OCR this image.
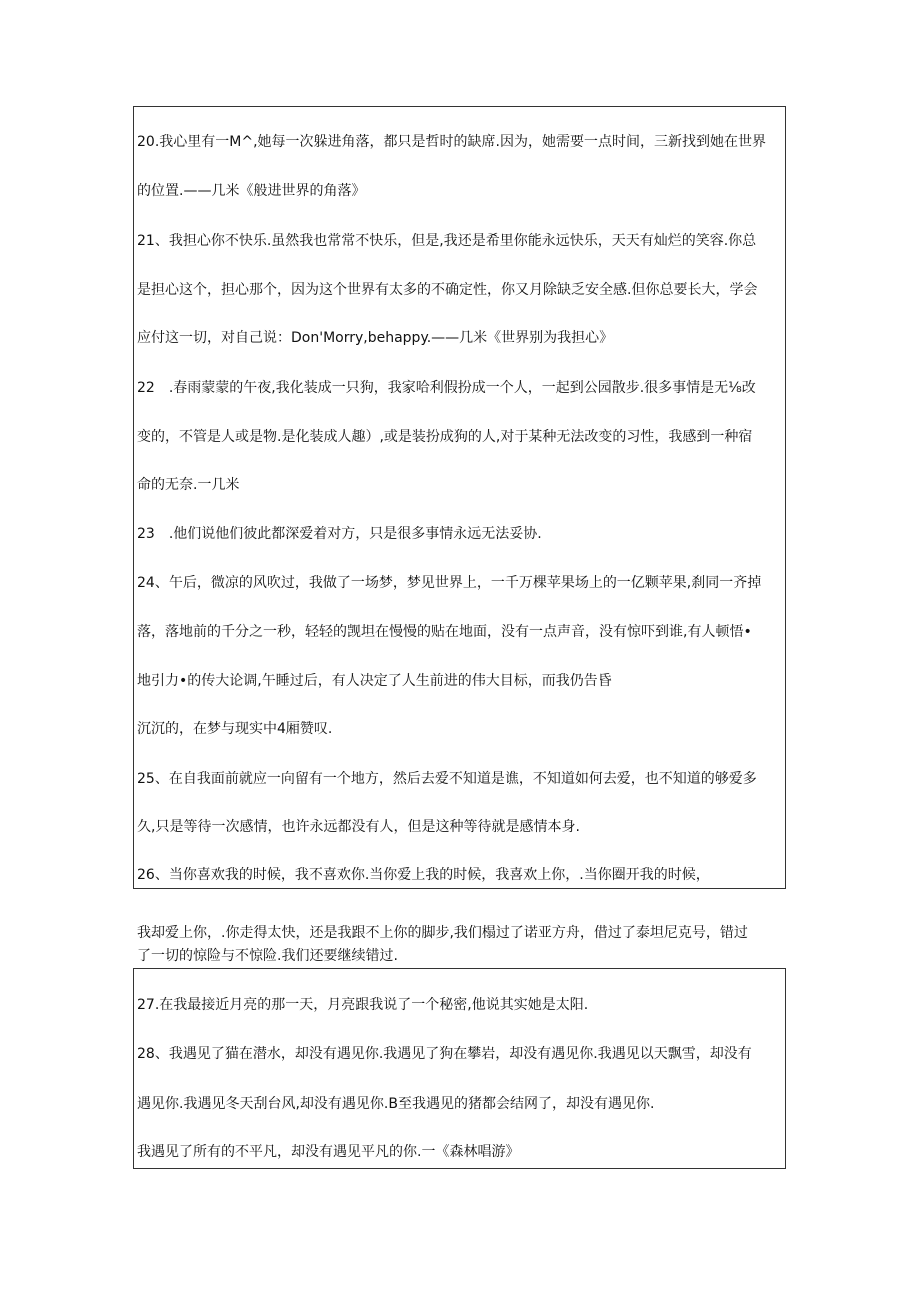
20.我心里有一M^,她每一次躲进角落，都只是哲时的缺席.因为，她需要一点时间，三新找到她在世界
的位置.——几米《般进世界的角落》
21、我担心你不快乐.虽然我也常常不快乐，但是,我还是希里你能永远快乐，天天有灿烂的笑容.你总
是担心这个，担心那个，因为这个世界有太多的不确定性，你又月除缺乏安全感.但你总要长大，学会
应付这一切，对自己说：Don'Morry,behappy.——几米《世界别为我担心》
22　.春雨蒙蒙的午夜,我化装成一只狗，我家哈利假扮成一个人，一起到公园散步.很多事情是无⅛改
变的，不管是人或是物.是化装成人趣）,或是装扮成狗的人,对于某种无法改变的习性，我感到一种宿
命的无奈.一几米
23　.他们说他们彼此都深爱着对方，只是很多事情永远无法妥协.
24、午后，微凉的风吹过，我做了一场梦，梦见世界上，一千万棵苹果场上的一亿颗苹果,刹同一齐掉
落，落地前的千分之一秒，轻轻的觊坦在慢慢的贴在地面，没有一点声音，没有惊吓到谁,有人顿悟•
地引力•的传大论调,午睡过后，有人决定了人生前进的伟大目标，而我仍告昏
沉沉的，在梦与现实中4厢赞叹.
25、在自我面前就应一向留有一个地方，然后去爱不知道是谯，不知道如何去爱，也不知道的够爱多
久,只是等待一次感情，也许永远都没有人，但是这种等待就是感情本身.
26、当你喜欢我的时候，我不喜欢你.当你爱上我的时候，我喜欢上你，.当你圈开我的时候，
我却爱上你，.你走得太快，还是我跟不上你的脚步,我们榻过了诺亚方舟，借过了泰坦尼克号，错过
了一切的惊险与不惊险.我们还要继续错过.
27.在我最接近月亮的那一天，月亮跟我说了一个秘密,他说其实她是太阳.
28、我遇见了猫在潜水，却没有遇见你.我遇见了狗在攀岩，却没有遇见你.我遇见以天飘雪，却没有
遇见你.我遇见冬天刮台风,却没有遇见你.B至我遇见的猪都会结网了，却没有遇见你.
我遇见了所有的不平凡，却没有遇见平凡的你.一《森林唱游》
